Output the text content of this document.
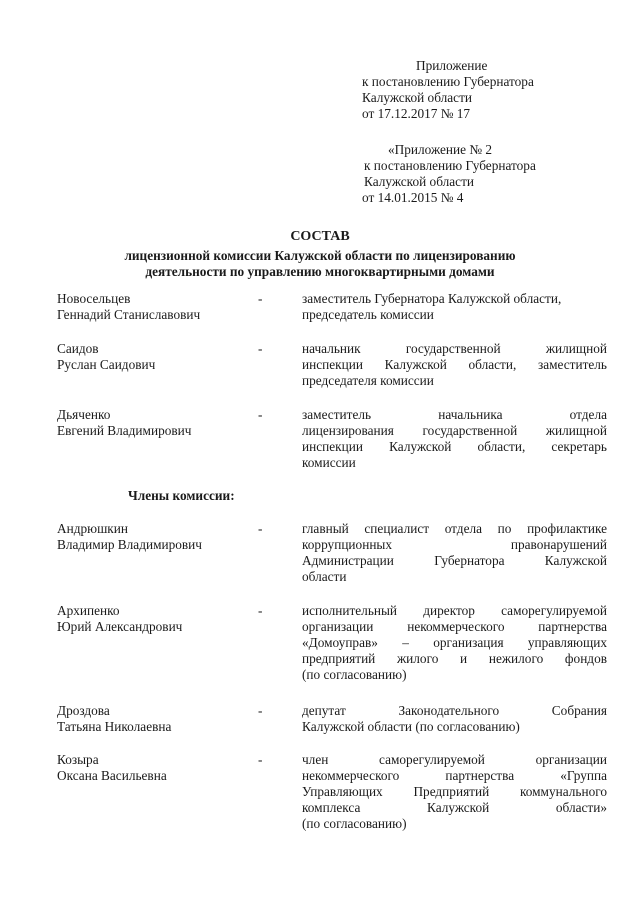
Приложение
к постановлению Губернатора
Калужской области
от 17.12.2017 № 17
«Приложение № 2
к постановлению Губернатора
Калужской области
от 14.01.2015 № 4
СОСТАВ
лицензионной комиссии Калужской области по лицензированию
деятельности по управлению многоквартирными домами
Новосельцев
Геннадий Станиславович
-	заместитель Губернатора Калужской области,
председатель комиссии
Саидов
Руслан Саидович
-	начальник государственной жилищной
инспекции Калужской области, заместитель
председателя комиссии
Дьяченко
Евгений Владимирович
-	заместитель начальника отдела
лицензирования государственной жилищной
инспекции Калужской области, секретарь
комиссии
Члены комиссии:
Андрюшкин
Владимир Владимирович
-	главный специалист отдела по профилактике
коррупционных правонарушений
Администрации Губернатора Калужской
области
Архипенко
Юрий Александрович
-	исполнительный директор саморегулируемой
организации некоммерческого партнерства
«Домоуправ» – организация управляющих
предприятий жилого и нежилого фондов
(по согласованию)
Дроздова
Татьяна Николаевна
-	депутат Законодательного Собрания
Калужской области (по согласованию)
Козыра
Оксана Васильевна
-	член саморегулируемой организации
некоммерческого партнерства «Группа
Управляющих Предприятий коммунального
комплекса Калужской области»
(по согласованию)
